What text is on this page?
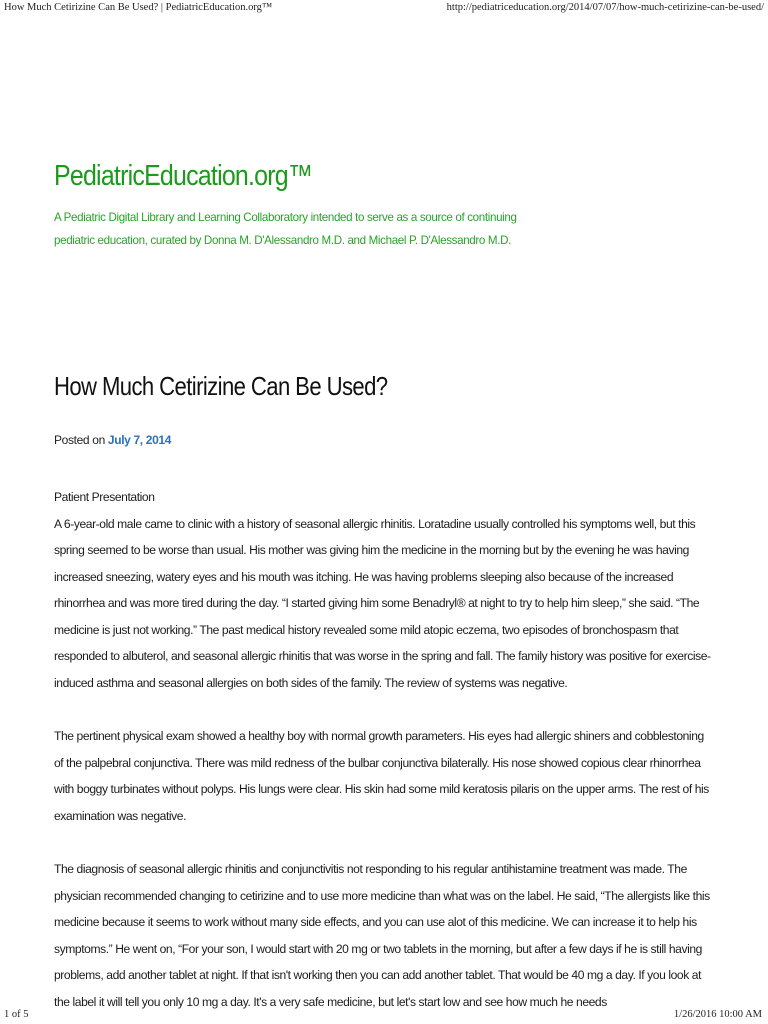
How Much Cetirizine Can Be Used? | PediatricEducation.org™	http://pediatriceducation.org/2014/07/07/how-much-cetirizine-can-be-used/
PediatricEducation.org™
A Pediatric Digital Library and Learning Collaboratory intended to serve as a source of continuing pediatric education, curated by Donna M. D'Alessandro M.D. and Michael P. D'Alessandro M.D.
How Much Cetirizine Can Be Used?
Posted on July 7, 2014

Patient Presentation

A 6-year-old male came to clinic with a history of seasonal allergic rhinitis. Loratadine usually controlled his symptoms well, but this spring seemed to be worse than usual. His mother was giving him the medicine in the morning but by the evening he was having increased sneezing, watery eyes and his mouth was itching. He was having problems sleeping also because of the increased rhinorrhea and was more tired during the day. “I started giving him some Benadryl® at night to try to help him sleep,” she said. “The medicine is just not working.” The past medical history revealed some mild atopic eczema, two episodes of bronchospasm that responded to albuterol, and seasonal allergic rhinitis that was worse in the spring and fall. The family history was positive for exercise-induced asthma and seasonal allergies on both sides of the family. The review of systems was negative.

The pertinent physical exam showed a healthy boy with normal growth parameters. His eyes had allergic shiners and cobblestoning of the palpebral conjunctiva. There was mild redness of the bulbar conjunctiva bilaterally. His nose showed copious clear rhinorrhea with boggy turbinates without polyps. His lungs were clear. His skin had some mild keratosis pilaris on the upper arms. The rest of his examination was negative.

The diagnosis of seasonal allergic rhinitis and conjunctivitis not responding to his regular antihistamine treatment was made. The physician recommended changing to cetirizine and to use more medicine than what was on the label. He said, “The allergists like this medicine because it seems to work without many side effects, and you can use alot of this medicine. We can increase it to help his symptoms.” He went on, “For your son, I would start with 20 mg or two tablets in the morning, but after a few days if he is still having problems, add another tablet at night. If that isn't working then you can add another tablet. That would be 40 mg a day. If you look at the label it will tell you only 10 mg a day. It's a very safe medicine, but let's start low and see how much he needs

1 of 5	1/26/2016 10:00 AM
